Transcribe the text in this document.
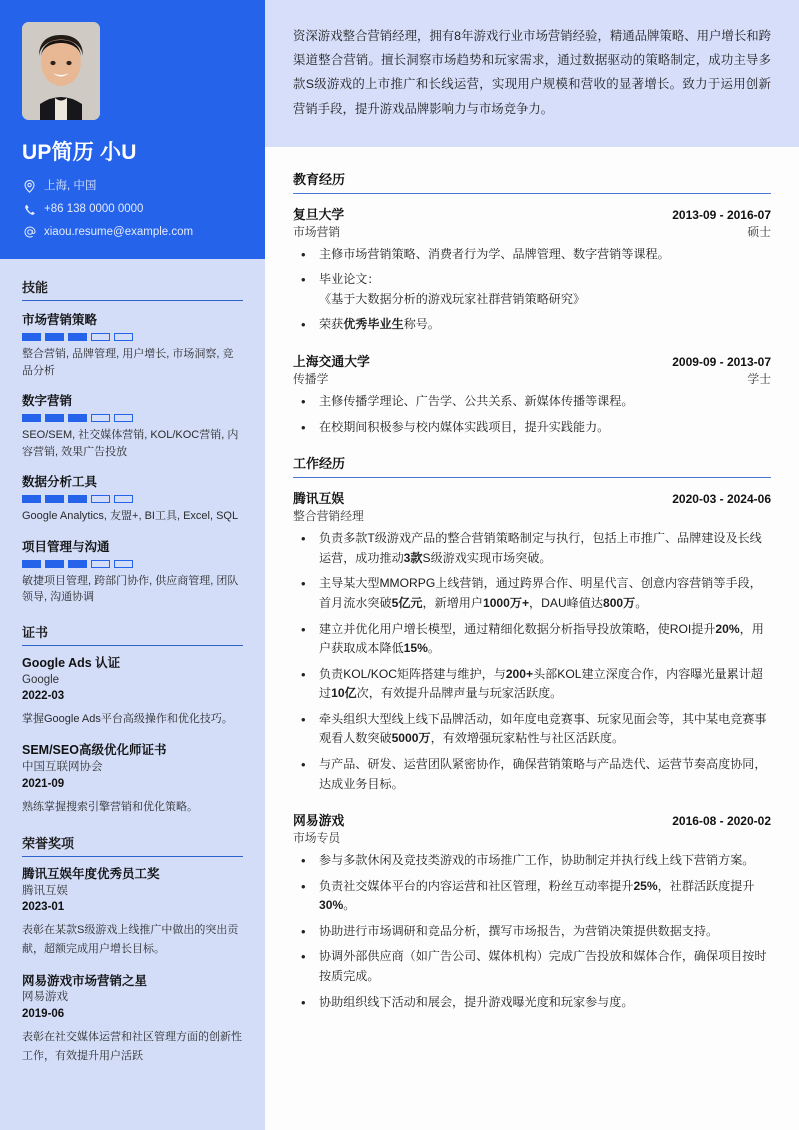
UP简历 小U
上海, 中国
+86 138 0000 0000
xiaou.resume@example.com
技能
市场营销策略
整合营销, 品牌管理, 用户增长, 市场洞察, 竞品分析
数字营销
SEO/SEM, 社交媒体营销, KOL/KOC营销, 内容营销, 效果广告投放
数据分析工具
Google Analytics, 友盟+, BI工具, Excel, SQL
项目管理与沟通
敏捷项目管理, 跨部门协作, 供应商管理, 团队领导, 沟通协调
证书
Google Ads 认证
Google
2022-03
掌握Google Ads平台高级操作和优化技巧。
SEM/SEO高级优化师证书
中国互联网协会
2021-09
熟练掌握搜索引擎营销和优化策略。
荣誉奖项
腾讯互娱年度优秀员工奖
腾讯互娱
2023-01
表彰在某款S级游戏上线推广中做出的突出贡献，超额完成用户增长目标。
网易游戏市场营销之星
网易游戏
2019-06
表彰在社交媒体运营和社区管理方面的创新性工作，有效提升用户活跃
资深游戏整合营销经理，拥有8年游戏行业市场营销经验，精通品牌策略、用户增长和跨渠道整合营销。擅长洞察市场趋势和玩家需求，通过数据驱动的策略制定，成功主导多款S级游戏的上市推广和长线运营，实现用户规模和营收的显著增长。致力于运用创新营销手段，提升游戏品牌影响力与市场竞争力。
教育经历
复旦大学	2013-09 - 2016-07
市场营销	硕士
• 主修市场营销策略、消费者行为学、品牌管理、数字营销等课程。
• 毕业论文：
《基于大数据分析的游戏玩家社群营销策略研究》
• 荣获优秀毕业生称号。
上海交通大学	2009-09 - 2013-07
传播学	学士
• 主修传播学理论、广告学、公共关系、新媒体传播等课程。
• 在校期间积极参与校内媒体实践项目，提升实践能力。
工作经历
腾讯互娱	2020-03 - 2024-06
整合营销经理
• 负责多款T级游戏产品的整合营销策略制定与执行，包括上市推广、品牌建设及长线运营，成功推动3款S级游戏实现市场突破。
• 主导某大型MMORPG上线营销，通过跨界合作、明星代言、创意内容营销等手段，首月流水突破5亿元，新增用户1000万+，DAU峰值达800万。
• 建立并优化用户增长模型，通过精细化数据分析指导投放策略，使ROI提升20%，用户获取成本降低15%。
• 负责KOL/KOC矩阵搭建与维护，与200+头部KOL建立深度合作，内容曝光量累计超过10亿次，有效提升品牌声量与玩家活跃度。
• 牵头组织大型线上线下品牌活动，如年度电竞赛事、玩家见面会等，其中某电竞赛事观看人数突破5000万，有效增强玩家粘性与社区活跃度。
• 与产品、研发、运营团队紧密协作，确保营销策略与产品迭代、运营节奏高度协同，达成业务目标。
网易游戏	2016-08 - 2020-02
市场专员
• 参与多款休闲及竞技类游戏的市场推广工作，协助制定并执行线上线下营销方案。
• 负责社交媒体平台的内容运营和社区管理，粉丝互动率提升25%，社群活跃度提升30%。
• 协助进行市场调研和竞品分析，撰写市场报告，为营销决策提供数据支持。
• 协调外部供应商（如广告公司、媒体机构）完成广告投放和媒体合作，确保项目按时按质完成。
• 协助组织线下活动和展会，提升游戏曝光度和玩家参与度。
